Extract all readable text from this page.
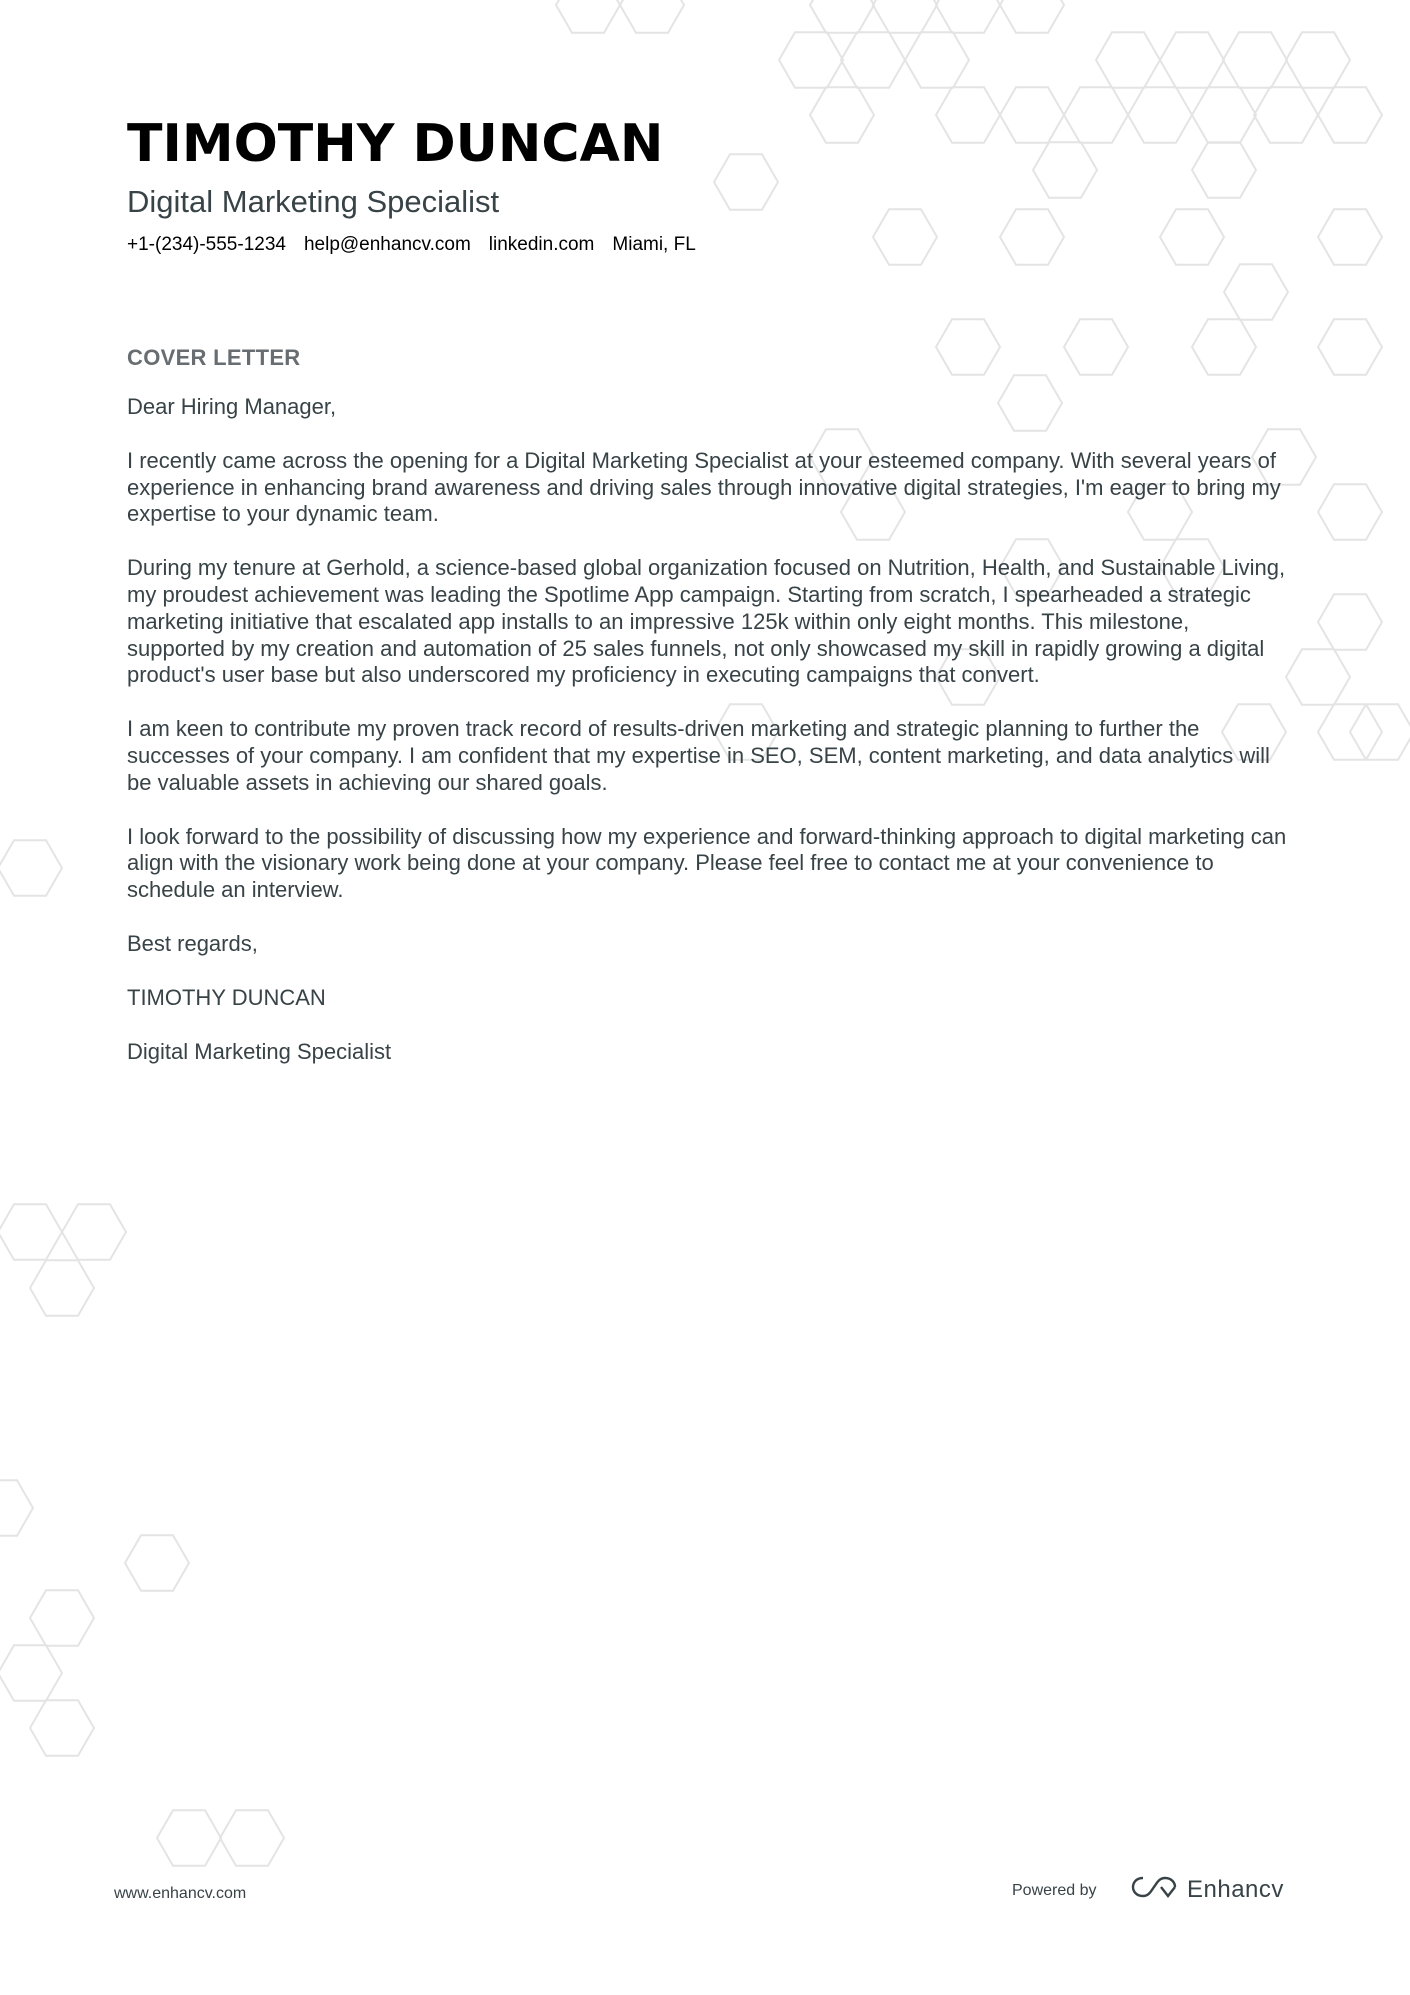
TIMOTHY DUNCAN
Digital Marketing Specialist
+1-(234)-555-1234 help@enhancv.com linkedin.com Miami, FL
COVER LETTER

Dear Hiring Manager,

I recently came across the opening for a Digital Marketing Specialist at your esteemed company. With several years of experience in enhancing brand awareness and driving sales through innovative digital strategies, I'm eager to bring my expertise to your dynamic team.

During my tenure at Gerhold, a science-based global organization focused on Nutrition, Health, and Sustainable Living, my proudest achievement was leading the Spotlime App campaign. Starting from scratch, I spearheaded a strategic marketing initiative that escalated app installs to an impressive 125k within only eight months. This milestone, supported by my creation and automation of 25 sales funnels, not only showcased my skill in rapidly growing a digital product's user base but also underscored my proficiency in executing campaigns that convert.

I am keen to contribute my proven track record of results-driven marketing and strategic planning to further the successes of your company. I am confident that my expertise in SEO, SEM, content marketing, and data analytics will be valuable assets in achieving our shared goals.

I look forward to the possibility of discussing how my experience and forward-thinking approach to digital marketing can align with the visionary work being done at your company. Please feel free to contact me at your convenience to schedule an interview.

Best regards,

TIMOTHY DUNCAN

Digital Marketing Specialist

www.enhancv.com	Powered by	Enhancv
